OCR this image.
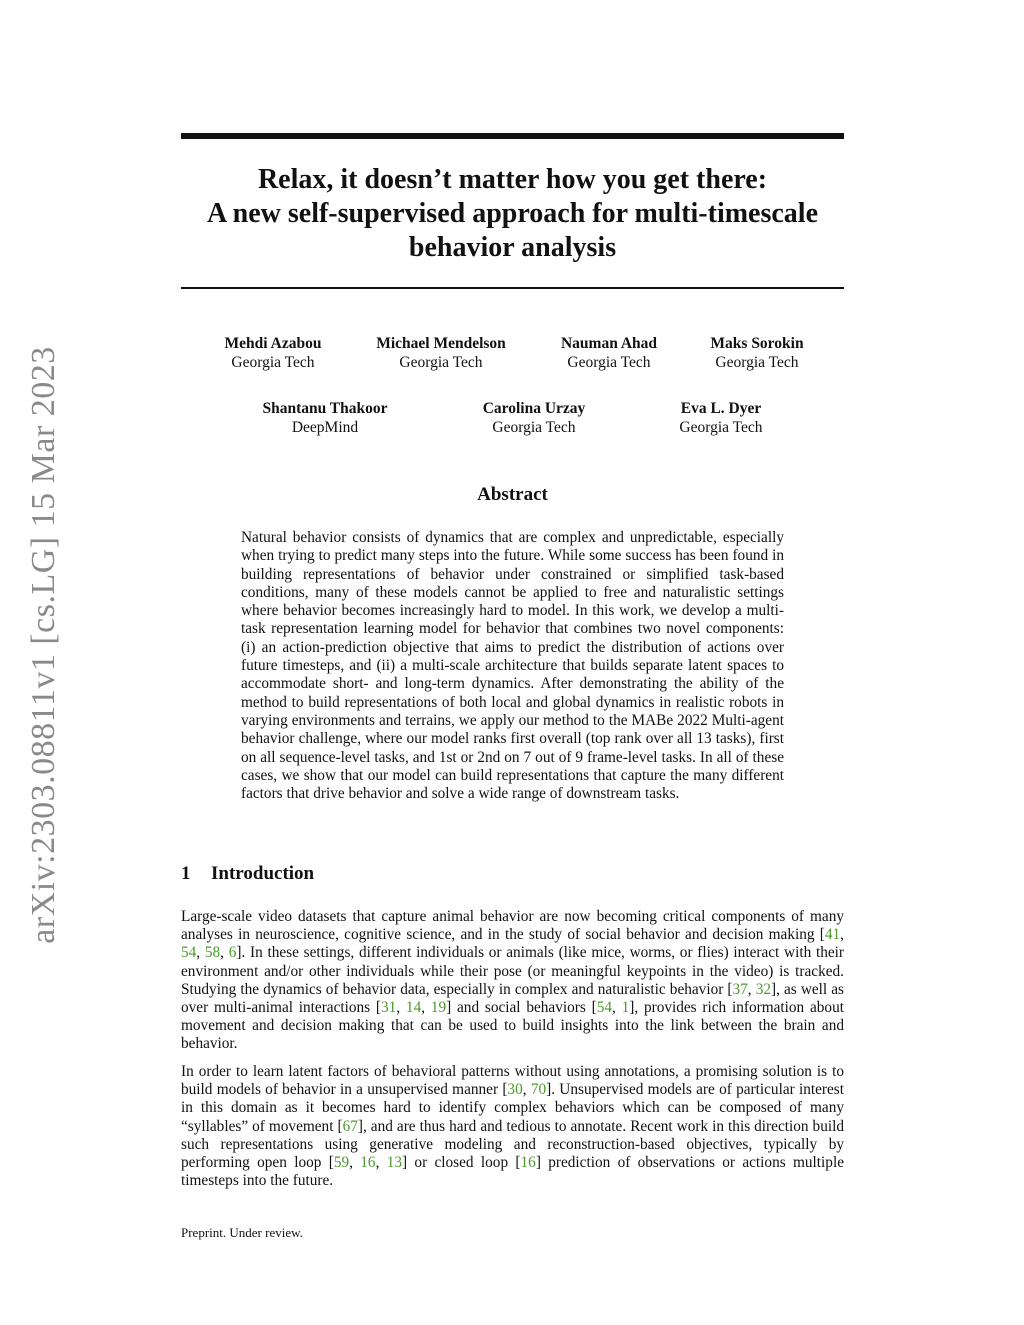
arXiv:2303.08811v1 [cs.LG] 15 Mar 2023
Relax, it doesn’t matter how you get there:
A new self-supervised approach for multi-timescale
behavior analysis
Mehdi Azabou
Georgia Tech
Michael Mendelson
Georgia Tech
Nauman Ahad
Georgia Tech
Maks Sorokin
Georgia Tech
Shantanu Thakoor
DeepMind
Carolina Urzay
Georgia Tech
Eva L. Dyer
Georgia Tech
Abstract

Natural behavior consists of dynamics that are complex and unpredictable, especially when trying to predict many steps into the future. While some success has been found in building representations of behavior under constrained or simplified task-based conditions, many of these models cannot be applied to free and naturalistic settings where behavior becomes increasingly hard to model. In this work, we develop a multi-task representation learning model for behavior that combines two novel components: (i) an action-prediction objective that aims to predict the distribution of actions over future timesteps, and (ii) a multi-scale architecture that builds separate latent spaces to accommodate short- and long-term dynamics. After demonstrating the ability of the method to build representations of both local and global dynamics in realistic robots in varying environments and terrains, we apply our method to the MABe 2022 Multi-agent behavior challenge, where our model ranks first overall (top rank over all 13 tasks), first on all sequence-level tasks, and 1st or 2nd on 7 out of 9 frame-level tasks. In all of these cases, we show that our model can build representations that capture the many different factors that drive behavior and solve a wide range of downstream tasks.

1 Introduction

Large-scale video datasets that capture animal behavior are now becoming critical components of many analyses in neuroscience, cognitive science, and in the study of social behavior and decision making [41, 54, 58, 6]. In these settings, different individuals or animals (like mice, worms, or flies) interact with their environment and/or other individuals while their pose (or meaningful keypoints in the video) is tracked. Studying the dynamics of behavior data, especially in complex and naturalistic behavior [37, 32], as well as over multi-animal interactions [31, 14, 19] and social behaviors [54, 1], provides rich information about movement and decision making that can be used to build insights into the link between the brain and behavior.

In order to learn latent factors of behavioral patterns without using annotations, a promising solution is to build models of behavior in a unsupervised manner [30, 70]. Unsupervised models are of particular interest in this domain as it becomes hard to identify complex behaviors which can be composed of many “syllables” of movement [67], and are thus hard and tedious to annotate. Recent work in this direction build such representations using generative modeling and reconstruction-based objectives, typically by performing open loop [59, 16, 13] or closed loop [16] prediction of observations or actions multiple timesteps into the future.

Preprint. Under review.
